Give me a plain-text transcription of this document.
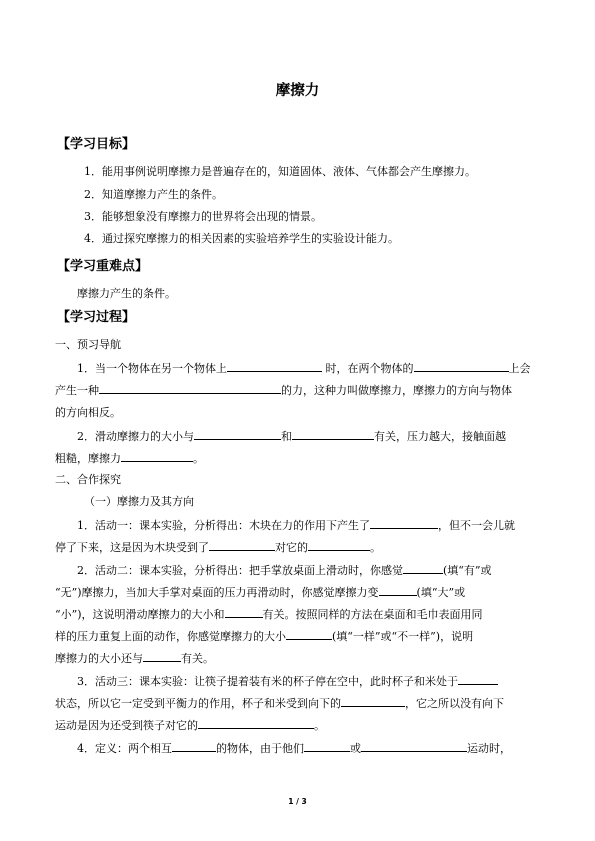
摩擦力
【学习目标】
1．能用事例说明摩擦力是普遍存在的，知道固体、液体、气体都会产生摩擦力。
2．知道摩擦力产生的条件。
3．能够想象没有摩擦力的世界将会出现的情景。
4．通过探究摩擦力的相关因素的实验培养学生的实验设计能力。
【学习重难点】
摩擦力产生的条件。
【学习过程】
一、预习导航
1．当一个物体在另一个物体上	时，在两个物体的	上会
产生一种	的力，这种力叫做摩擦力，摩擦力的方向与物体
的方向相反。
2．滑动摩擦力的大小与	和	有关，压力越大，接触面越
粗糙，摩擦力	。
二、合作探究
（一）摩擦力及其方向
1．活动一：课本实验，分析得出：木块在力的作用下产生了	，但不一会儿就
停了下来，这是因为木块受到了	对它的	。
2．活动二：课本实验，分析得出：把手掌放桌面上滑动时，你感觉	(填“有”或
“无”)摩擦力，当加大手掌对桌面的压力再滑动时，你感觉摩擦力变	(填“大”或
“小”)，这说明滑动摩擦力的大小和	有关。按照同样的方法在桌面和毛巾表面用同
样的压力重复上面的动作，你感觉摩擦力的大小	(填“一样”或“不一样”)，说明
摩擦力的大小还与	有关。
3．活动三：课本实验：让筷子提着装有米的杯子停在空中，此时杯子和米处于
状态，所以它一定受到平衡力的作用，杯子和米受到向下的	，它之所以没有向下
运动是因为还受到筷子对它的	。
4．定义：两个相互	的物体，由于他们	或	运动时，
1 / 3
